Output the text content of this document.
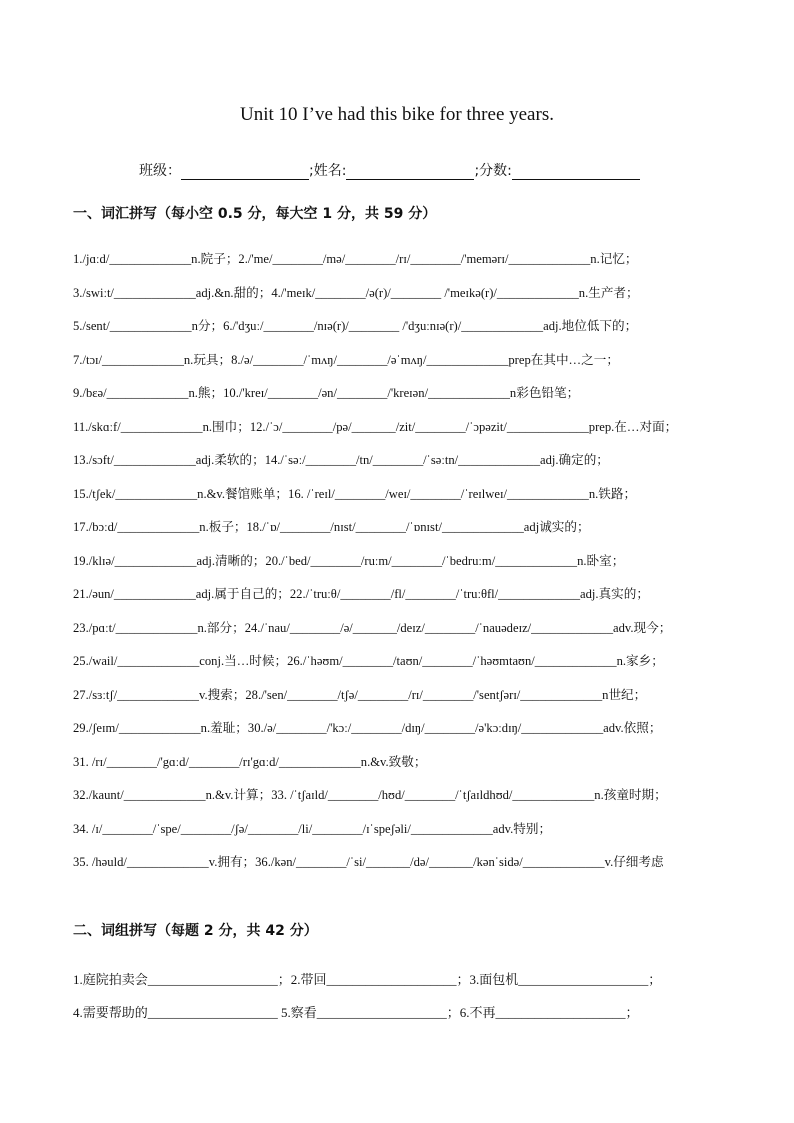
Unit 10 I’ve had this bike for three years.
班级：	;姓名:	;分数:
一、词汇拼写（每小空 0.5 分，每大空 1 分，共 59 分）
1./jɑːd/_____________n.院子；2./'me/________/mə/________/rɪ/________/'memərɪ/_____________n.记忆；
3./swiːt/_____________adj.&n.甜的；4./'meɪk/________/ə(r)/________ /'meɪkə(r)/_____________n.生产者；
5./sent/_____________n分；6./'dʒuː/________/nɪə(r)/________ /'dʒuːnɪə(r)/_____________adj.地位低下的；
7./tɔɪ/_____________n.玩具；8./ə/________/ˈmʌŋ/________/əˈmʌŋ/_____________prep在其中…之一；
9./bɛə/_____________n.熊；10./'kreɪ/________/ən/________/'kreɪən/_____________n彩色铅笔；
11./skɑːf/_____________n.围巾；12./ˈɔ/________/pə/_______/zit/________/ˈɔpəzit/_____________prep.在…对面；
13./sɔft/_____________adj.柔软的；14./ˈsəː/________/tn/________/ˈsəːtn/_____________adj.确定的；
15./tʃek/_____________n.&v.餐馆账单；16. /ˈreɪl/________/weɪ/________/ˈreɪlweɪ/_____________n.铁路；
17./bɔːd/_____________n.板子；18./ˈɒ/________/nɪst/________/ˈɒnɪst/_____________adj诚实的；
19./klɪə/_____________adj.清晰的；20./ˈbed/________/ruːm/________/ˈbedruːm/_____________n.卧室；
21./əun/_____________adj.属于自己的；22./ˈtruːθ/________/fl/________/ˈtruːθfl/_____________adj.真实的；
23./pɑːt/_____________n.部分；24./ˈnau/________/ə/_______/deɪz/________/ˈnauədeɪz/_____________adv.现今；
25./wail/_____________conj.当…时候；26./ˈhəʊm/________/taʊn/________/ˈhəʊmtaʊn/_____________n.家乡；
27./sɜːtʃ/_____________v.搜索；28./'sen/________/tʃə/________/rɪ/________/'sentʃərɪ/_____________n世纪；
29./ʃeɪm/_____________n.羞耻；30./ə/________/'kɔː/________/dɪŋ/________/ə'kɔːdɪŋ/_____________adv.依照；
31. /rɪ/________/'gɑːd/________/rɪ'gɑːd/_____________n.&v.致敬；
32./kaunt/_____________n.&v.计算；33. /ˈtʃaɪld/________/hʊd/________/ˈtʃaɪldhʊd/_____________n.孩童时期；
34. /ɪ/________/ˈspe/________/ʃə/________/li/________/ɪˈspeʃəli/_____________adv.特别；
35. /həuld/_____________v.拥有；36./kən/________/ˈsi/_______/də/_______/kənˈsidə/_____________v.仔细考虑
二、词组拼写（每题 2 分，共 42 分）
1.庭院拍卖会____________________；2.带回____________________；3.面包机____________________；
4.需要帮助的____________________ 5.察看____________________；6.不再____________________；
